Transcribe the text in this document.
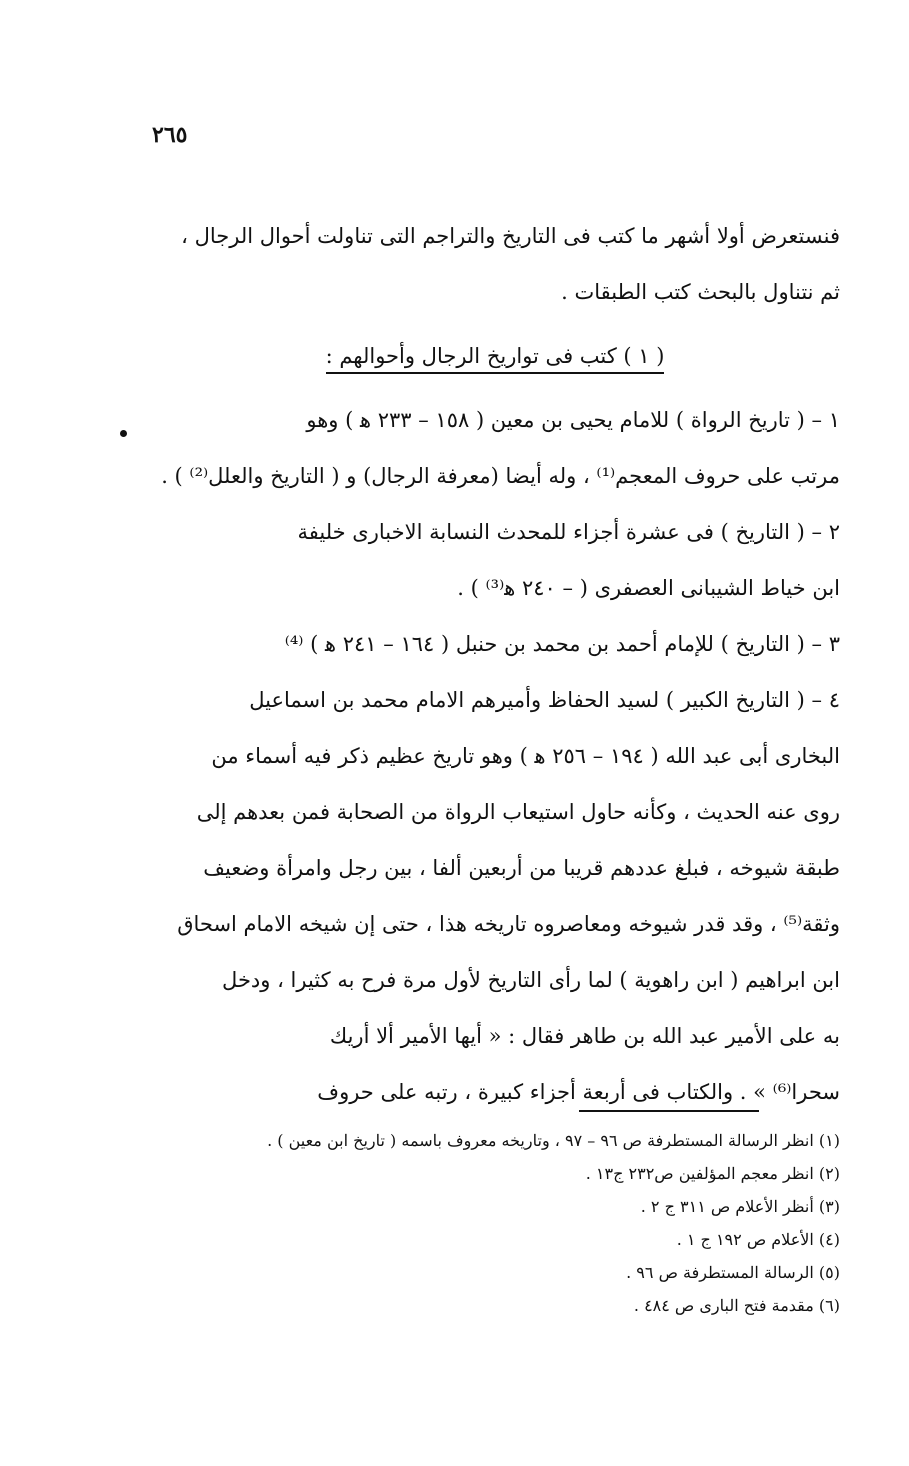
٢٦٥

فنستعرض أولا أشهر ما كتب فى التاريخ والتراجم التى تناولت أحوال الرجال ،
ثم نتناول بالبحث كتب الطبقات .

( ١ ) كتب فى تواريخ الرجال وأحوالهم :

١ – ( تاريخ الرواة ) للامام يحيى بن معين ( ١٥٨ – ٢٣٣ ﻫ ) وهو
مرتب على حروف المعجم⁽¹⁾ ، وله أيضا (معرفة الرجال) و ( التاريخ والعلل⁽²⁾ ) .

٢ – ( التاريخ ) فى عشرة أجزاء للمحدث النسابة الاخبارى خليفة
ابن خياط الشيبانى العصفرى ( – ٢٤٠ ﻫ⁽³⁾ ) .

٣ – ( التاريخ ) للإمام أحمد بن محمد بن حنبل ( ١٦٤ – ٢٤١ ﻫ ) ⁽⁴⁾

٤ – ( التاريخ الكبير ) لسيد الحفاظ وأميرهم الامام محمد بن اسماعيل
البخارى أبى عبد الله ( ١٩٤ – ٢٥٦ ﻫ ) وهو تاريخ عظيم ذكر فيه أسماء من
روى عنه الحديث ، وكأنه حاول استيعاب الرواة من الصحابة فمن بعدهم إلى
طبقة شيوخه ، فبلغ عددهم قريبا من أربعين ألفا ، بين رجل وامرأة وضعيف
وثقة⁽⁵⁾ ، وقد قدر شيوخه ومعاصروه تاريخه هذا ، حتى إن شيخه الامام اسحاق
ابن ابراهيم ( ابن راهوية ) لما رأى التاريخ لأول مرة فرح به كثيرا ، ودخل
به على الأمير عبد الله بن طاهر فقال : « أيها الأمير ألا أريك
سحرا⁽⁶⁾ » . والكتاب فى أربعة أجزاء كبيرة ، رتبه على حروف

(١) انظر الرسالة المستطرفة ص ٩٦ – ٩٧ ، وتاريخه معروف باسمه ( تاريخ ابن معين ) .

(٢) انظر معجم المؤلفين ص٢٣٢ ج١٣ .

(٣) أنظر الأعلام ص ٣١١ ج ٢ .

(٤) الأعلام ص ١٩٢ ج ١ .

(٥) الرسالة المستطرفة ص ٩٦ .

(٦) مقدمة فتح البارى ص ٤٨٤ .
